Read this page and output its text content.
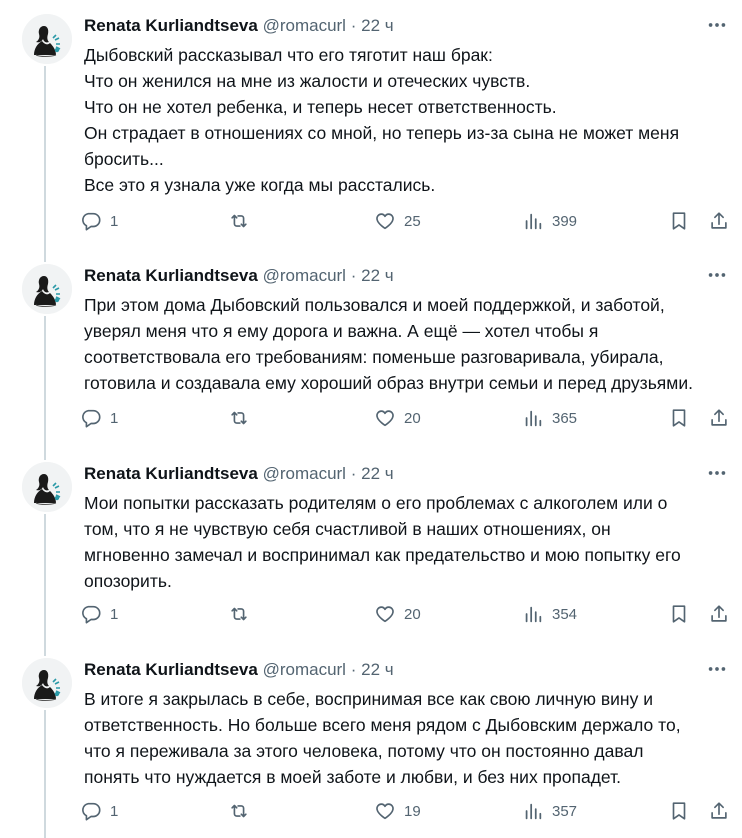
Renata Kurliandtseva @romacurl · 22 ч
Дыбовский рассказывал что его тяготит наш брак:
Что он женился на мне из жалости и отеческих чувств.
Что он не хотел ребенка, и теперь несет ответственность.
Он страдает в отношениях со мной, но теперь из-за сына не может меня
бросить...
Все это я узнала уже когда мы расстались.
1	25	399
Renata Kurliandtseva @romacurl · 22 ч
При этом дома Дыбовский пользовался и моей поддержкой, и заботой,
уверял меня что я ему дорога и важна. А ещё — хотел чтобы я
соответствовала его требованиям: поменьше разговаривала, убирала,
готовила и создавала ему хороший образ внутри семьи и перед друзьями.
1	20	365
Renata Kurliandtseva @romacurl · 22 ч
Мои попытки рассказать родителям о его проблемах с алкоголем или о
том, что я не чувствую себя счастливой в наших отношениях, он
мгновенно замечал и воспринимал как предательство и мою попытку его
опозорить.
1	20	354
Renata Kurliandtseva @romacurl · 22 ч
В итоге я закрылась в себе, воспринимая все как свою личную вину и
ответственность. Но больше всего меня рядом с Дыбовским держало то,
что я переживала за этого человека, потому что он постоянно давал
понять что нуждается в моей заботе и любви, и без них пропадет.
1	19	357
